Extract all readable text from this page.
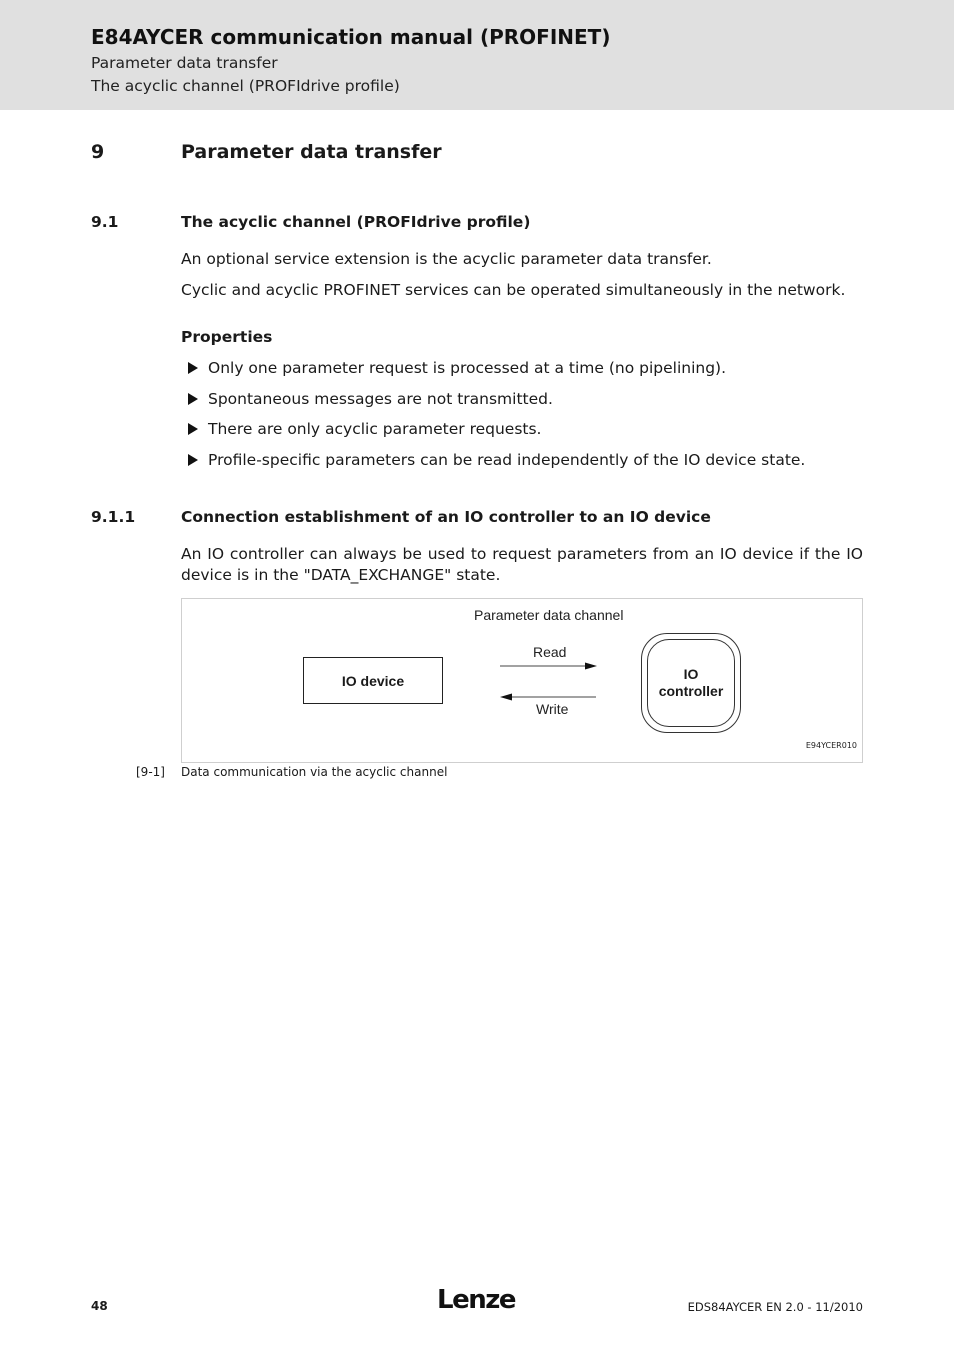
E84AYCER communication manual (PROFINET)
Parameter data transfer
The acyclic channel (PROFIdrive profile)
9	Parameter data transfer
9.1	The acyclic channel (PROFIdrive profile)
An optional service extension is the acyclic parameter data transfer.
Cyclic and acyclic PROFINET services can be operated simultaneously in the network.
Properties
Only one parameter request is processed at a time (no pipelining).
Spontaneous messages are not transmitted.
There are only acyclic parameter requests.
Profile-specific parameters can be read independently of the IO device state.
9.1.1	Connection establishment of an IO controller to an IO device
An IO controller can always be used to request parameters from an IO device if the IO device is in the "DATA_EXCHANGE" state.
Parameter data channel
IO device
Read
Write
IO
controller
E94YCER010
[9-1] Data communication via the acyclic channel
48	Lenze	EDS84AYCER EN 2.0 - 11/2010
